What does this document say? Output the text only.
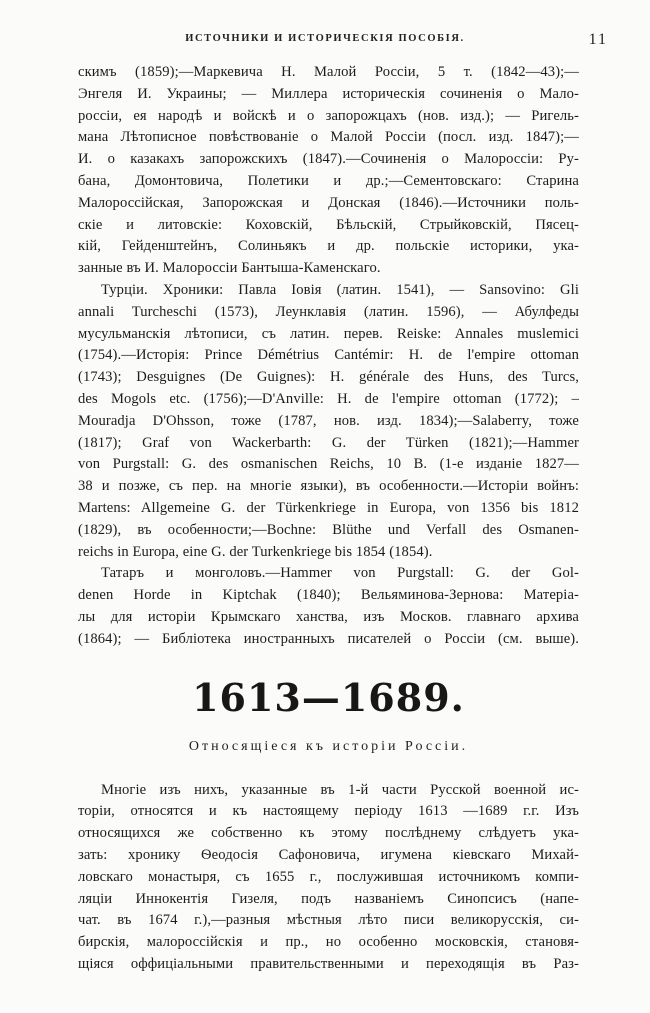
ИСТОЧНИКИ И ИСТОРИЧЕСКІЯ ПОСОБІЯ.	11
скимъ (1859);—Маркевича Н. Малой Россіи, 5 т. (1842—43);—
Энгеля И. Украины; — Миллера историческія сочиненія о Мало-
россіи, ея народѣ и войскѣ и о запорожцахъ (нов. изд.); — Ригель-
мана Лѣтописное повѣствованіе о Малой Россіи (посл. изд. 1847);—
И. о казакахъ запорожскихъ (1847).—Сочиненія о Малороссіи: Ру-
бана, Домонтовича, Полетики и др.;—Сементовскаго: Старина
Малороссійская, Запорожская и Донская (1846).—Источники поль-
скіе и литовскіе: Коховскій, Бѣльскій, Стрыйковскій, Пясец-
кій, Гейденштейнъ, Солиньякъ и др. польскіе историки, ука-
занные въ И. Малороссіи Бантыша-Каменскаго.
Турціи. Хроники: Павла Іовія (латин. 1541), — Sansovino: Gli
annali Turcheschi (1573), Леунклавія (латин. 1596), — Абулфеды
мусульманскія лѣтописи, съ латин. перев. Reiske: Annales muslemici
(1754).—Исторія: Prince Démétrius Cantémir: H. de l'empire ottoman
(1743); Desguignes (De Guignes): H. générale des Huns, des Turcs,
des Mogols etc. (1756);—D'Anville: H. de l'empire ottoman (1772); –
Mouradja D'Ohsson, тоже (1787, нов. изд. 1834);—Salaberry, тоже
(1817); Graf von Wackerbarth: G. der Türken (1821);—Hammer
von Purgstall: G. des osmanischen Reichs, 10 B. (1-е изданіе 1827—
38 и позже, съ пер. на многіе языки), въ особенности.—Исторіи войнъ:
Martens: Allgemeine G. der Türkenkriege in Europa, von 1356 bis 1812
(1829), въ особенности;—Bochne: Blüthe und Verfall des Osmanen-
reichs in Europa, eine G. der Turkenkriege bis 1854 (1854).
Татаръ и монголовъ.—Hammer von Purgstall: G. der Gol-
denen Horde in Kiptchak (1840); Вельяминова-Зернова: Матеріа-
лы для исторіи Крымскаго ханства, изъ Москов. главнаго архива
(1864); — Библіотека иностранныхъ писателей о Россіи (см. выше).
1613—1689.
Относящіеся къ исторіи Россіи.
Многіе изъ нихъ, указанные въ 1-й части Русской военной ис-
торіи, относятся и къ настоящему періоду 1613 —1689 г.г. Изъ
относящихся же собственно къ этому послѣднему слѣдуетъ ука-
зать: хронику Ѳеодосія Сафоновича, игумена кіевскаго Михай-
ловскаго монастыря, съ 1655 г., послужившая источникомъ компи-
ляціи Иннокентія Гизеля, подъ названіемъ Синопсисъ (напе-
чат. въ 1674 г.),—разныя мѣстныя лѣто писи великорусскія, си-
бирскія, малороссійскія и пр., но особенно московскія, становя-
щіяся оффиціальными правительственными и переходящія въ Раз-
